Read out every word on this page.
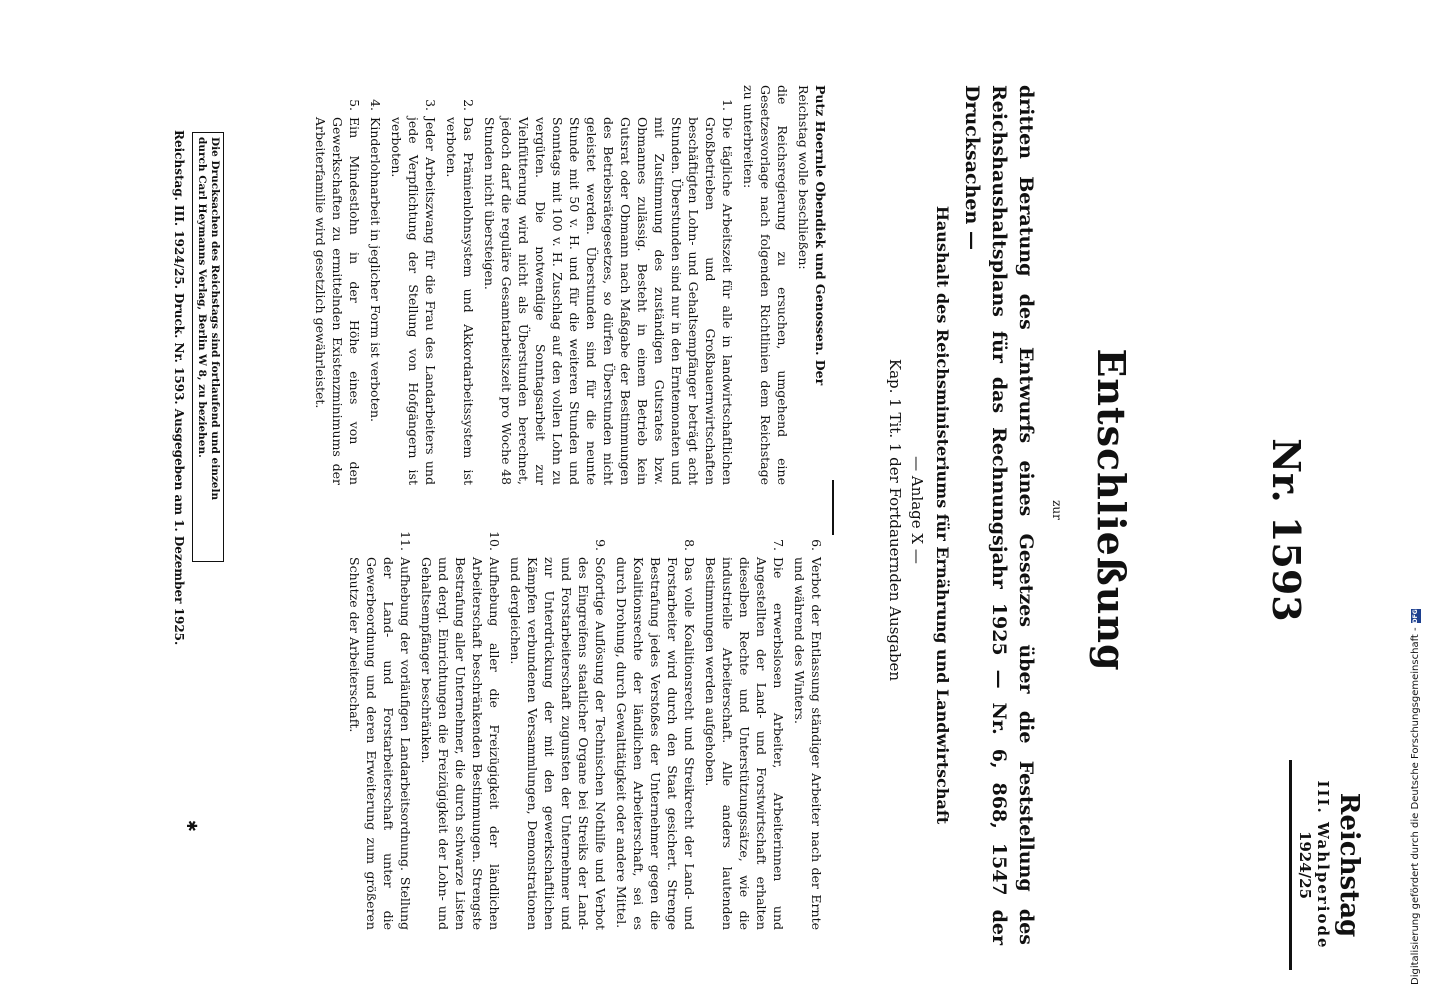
Reichstag
III. Wahlperiode
1924/25
Nr. 1593
Entschließung
zur
dritten Beratung des Entwurfs eines Gesetzes über die Feststellung des Reichshaushaltsplans für das Rechnungsjahr 1925 — Nr. 6, 868, 1547 der Drucksachen —
Haushalt des Reichsministeriums für Ernährung und Landwirtschaft
— Anlage X —
Kap. 1 Tit. 1 der Fortdauernden Ausgaben
Putz Hoernle Obendiek und Genossen. Der
Reichstag wolle beschließen:

die Reichsregierung zu ersuchen, umgehend eine Gesetzesvorlage nach folgenden Richtlinien dem Reichstage zu unterbreiten:

1.
Die tägliche Arbeitszeit für alle in landwirtschaftlichen Großbetrieben und Großbauernwirtschaften beschäftigten Lohn- und Gehaltsempfänger beträgt acht Stunden. Überstunden sind nur in den Erntemonaten und mit Zustimmung des zuständigen Gutsrates bzw. Obmannes zulässig. Besteht in einem Betrieb kein Gutsrat oder Obmann nach Maßgabe der Bestimmungen des Betriebsrätegesetzes, so dürfen Überstunden nicht geleistet werden. Überstunden sind für die neunte Stunde mit 50 v. H. und für die weiteren Stunden und Sonntags mit 100 v. H. Zuschlag auf den vollen Lohn zu vergüten. Die notwendige Sonntagsarbeit zur Viehfütterung wird nicht als Überstunden berechnet, jedoch darf die reguläre Gesamtarbeitszeit pro Woche 48 Stunden nicht übersteigen.
2.
Das Prämienlohnsystem und Akkordarbeitssystem ist verboten.
3.
Jeder Arbeitszwang für die Frau des Landarbeiters und jede Verpflichtung der Stellung von Hofgängern ist verboten.
4.
Kinderlohnarbeit in jeglicher Form ist verboten.
5.
Ein Mindestlohn in der Höhe eines von den Gewerkschaften zu ermittelnden Existenzminimums der Arbeiterfamilie wird gesetzlich gewährleistet.
6.
Verbot der Entlassung ständiger Arbeiter nach der Ernte und während des Winters.
7.
Die erwerbslosen Arbeiter, Arbeiterinnen und Angestellten der Land- und Forstwirtschaft erhalten dieselben Rechte und Unterstützungssätze, wie die industrielle Arbeiterschaft. Alle anders lautenden Bestimmungen werden aufgehoben.
8.
Das volle Koalitionsrecht und Streikrecht der Land- und Forstarbeiter wird durch den Staat gesichert. Strenge Bestrafung jedes Verstoßes der Unternehmer gegen die Koalitionsrechte der ländlichen Arbeiterschaft, sei es durch Drohung, durch Gewalttätigkeit oder andere Mittel.
9.
Sofortige Auflösung der Technischen Nothilfe und Verbot des Eingreifens staatlicher Organe bei Streiks der Land- und Forstarbeiterschaft zugunsten der Unternehmer und zur Unterdrückung der mit den gewerkschaftlichen Kämpfen verbundenen Versammlungen, Demonstrationen und dergleichen.
10.
Aufhebung aller die Freizügigkeit der ländlichen Arbeiterschaft beschränkenden Bestimmungen. Strengste Bestrafung aller Unternehmer, die durch schwarze Listen und dergl. Einrichtungen die Freizügigkeit der Lohn- und Gehaltsempfänger beschränken.
11.
Aufhebung der vorläufigen Landarbeitsordnung. Stellung der Land- und Forstarbeiterschaft unter die Gewerbeordnung und deren Erweiterung zum größeren Schutze der Arbeiterschaft.
Die Drucksachen des Reichstags sind fortlaufend und einzeln
durch Carl Heymanns Verlag, Berlin W 8, zu beziehen.
Reichstag. III. 1924/25. Druck. Nr. 1593. Ausgegeben am 1. Dezember 1925.
✱	Digitalisierung gefördert durch die Deutsche Forschungsgemeinschaft -
DFG
